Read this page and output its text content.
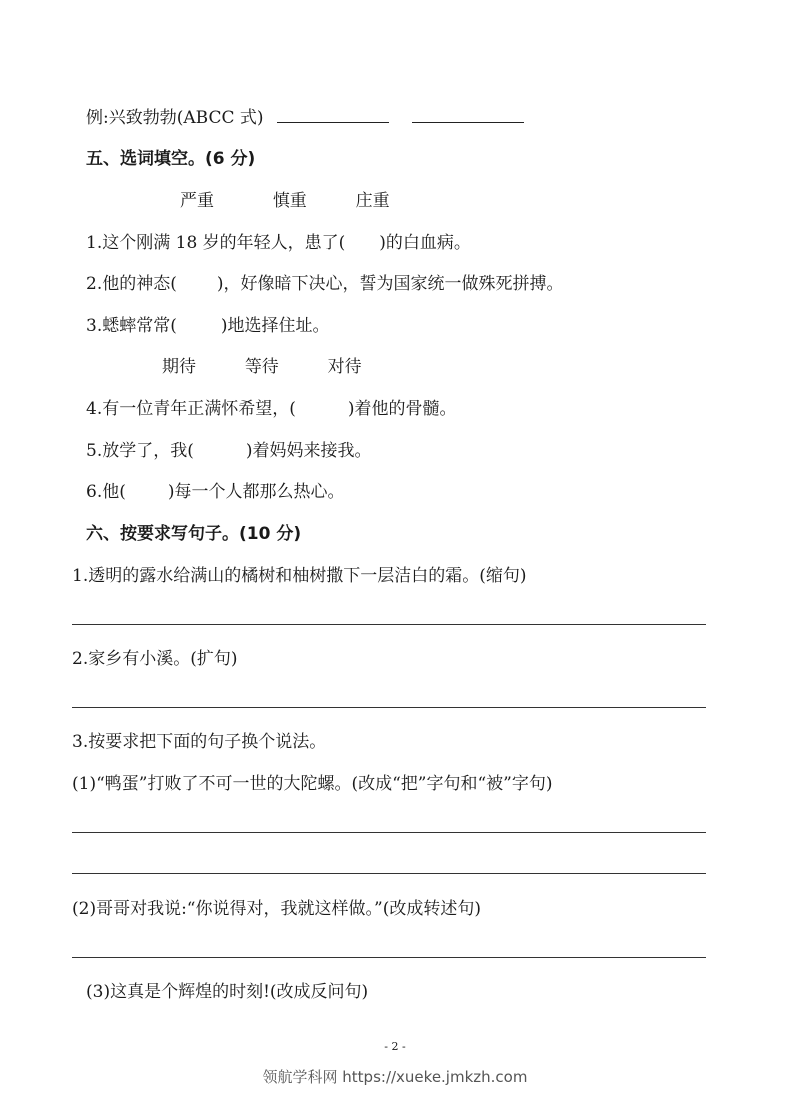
例:兴致勃勃(ABCC 式)
五、选词填空。(6 分)
严重	慎重	庄重
1.这个刚满 18 岁的年轻人，患了( )的白血病。
2.他的神态( )，好像暗下决心，誓为国家统一做殊死拼搏。
3.蟋蟀常常(	)地选择住址。
期待	等待	对待
4.有一位青年正满怀希望，(	)着他的骨髓。
5.放学了，我(	)着妈妈来接我。
6.他( )每一个人都那么热心。
六、按要求写句子。(10 分)
1.透明的露水给满山的橘树和柚树撒下一层洁白的霜。(缩句)
2.家乡有小溪。(扩句)
3.按要求把下面的句子换个说法。
(1)“鸭蛋”打败了不可一世的大陀螺。(改成“把”字句和“被”字句)
(2)哥哥对我说:“你说得对，我就这样做。”(改成转述句)
(3)这真是个辉煌的时刻!(改成反问句)
- 2 -
领航学科网 https://xueke.jmkzh.com
